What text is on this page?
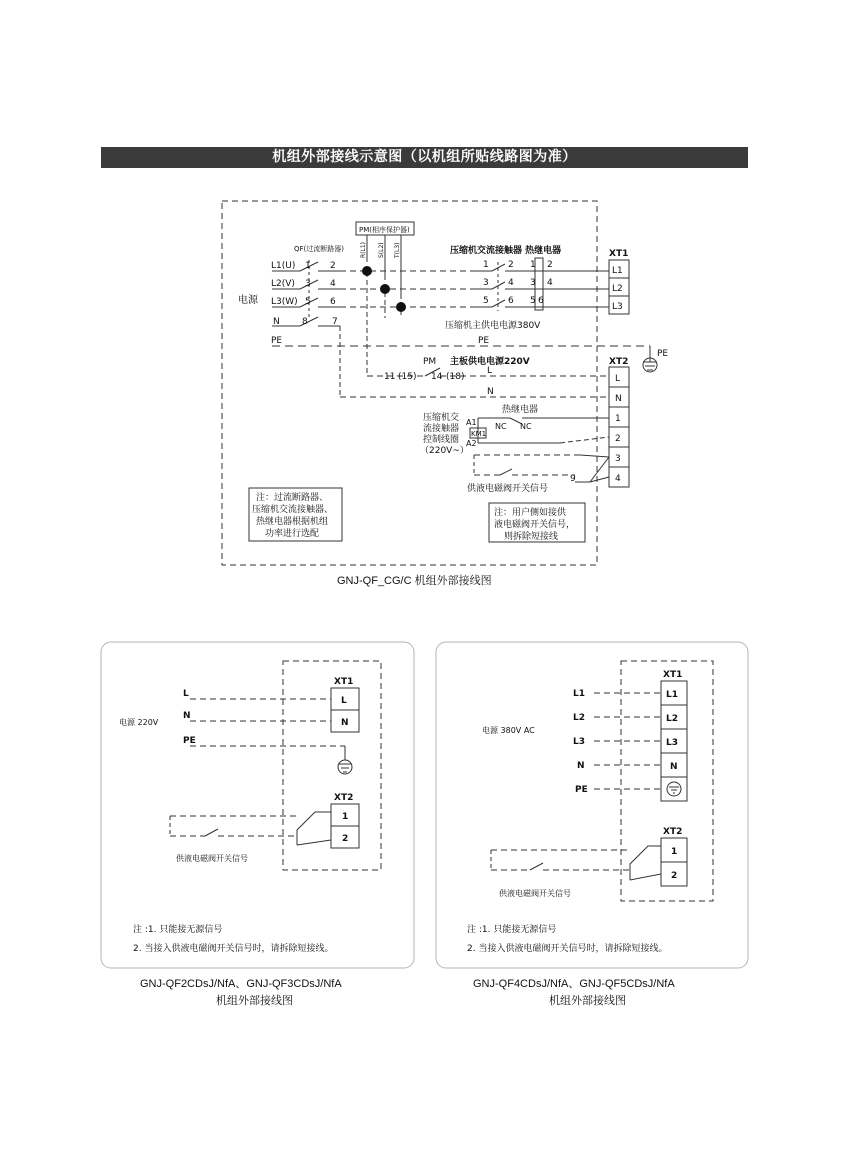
机组外部接线示意图（以机组所贴线路图为准）
电源
QF(过流断路器)
PM(相序保护器)
R(L1) S(L2) T(L3)
L1(U)
L2(V)
L3(W)
N
PE
1 2
3 4
5 6
7
8
压缩机交流接触器 热继电器
1 2
3 4
5 6
1 2
3 4
5 6
压缩机主供电电源380V
PE
PE
XT1
L1
L2
L3
主板供电电源220V
PM
11 (15) 14 (18)
L
N
XT2
L
N
1
2
3
4
热继电器
NC NC
压缩机交
流接触器
控制线圈
（220V~）
A1
KM1
A2
9
供液电磁阀开关信号
注：过流断路器、
压缩机交流接触器、
热继电器根据机组
功率进行选配
注：用户侧如接供
液电磁阀开关信号，
则拆除短接线
GNJ-QF_CG/C 机组外部接线图
电源 220V
L
N
PE
XT1
L
N
XT2
1
2
供液电磁阀开关信号
注 :1. 只能接无源信号
2. 当接入供液电磁阀开关信号时，请拆除短接线。
GNJ-QF2CDsJ/NfA、GNJ-QF3CDsJ/NfA
机组外部接线图
电源 380V AC
L1
L2
L3
N
PE
XT1
L1
L2
L3
N
XT2
1
2
供液电磁阀开关信号
注 :1. 只能接无源信号
2. 当接入供液电磁阀开关信号时，请拆除短接线。
GNJ-QF4CDsJ/NfA、GNJ-QF5CDsJ/NfA
机组外部接线图
